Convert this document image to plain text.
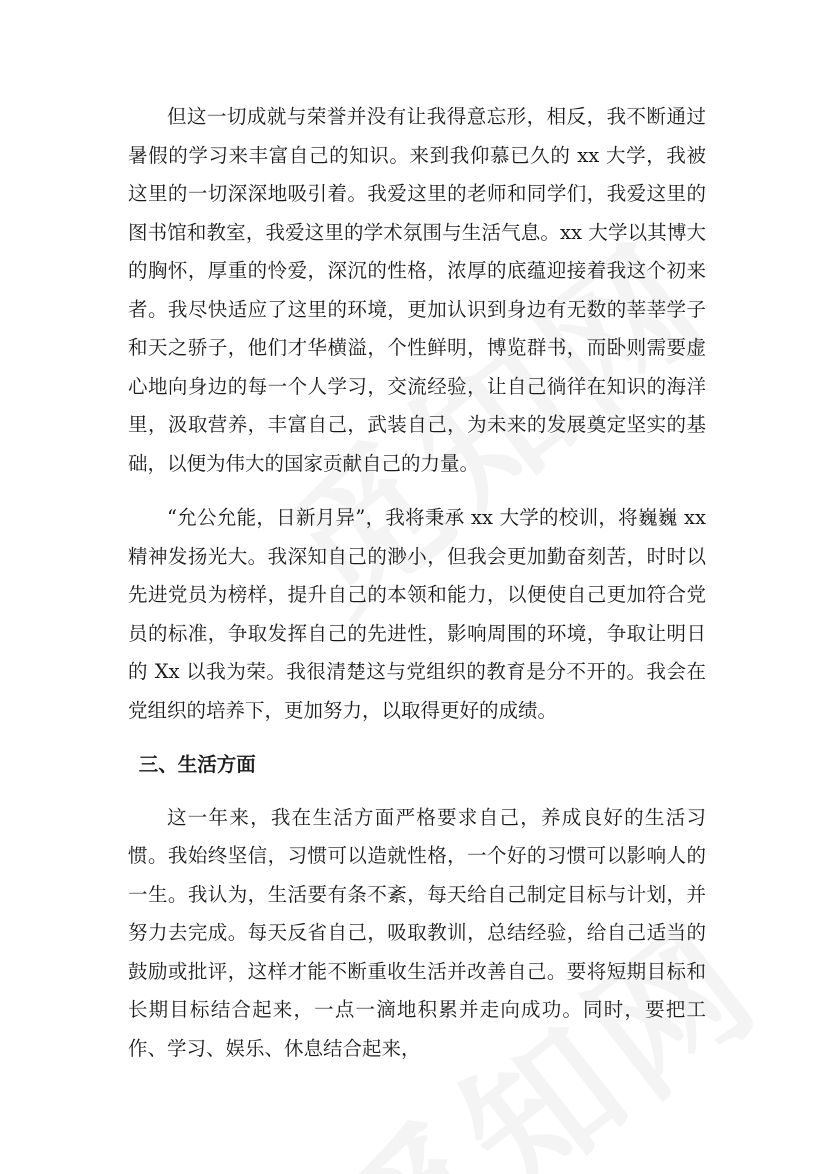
但这一切成就与荣誉并没有让我得意忘形，相反，我不断通过暑假的学习来丰富自己的知识。来到我仰慕已久的 xx 大学，我被这里的一切深深地吸引着。我爱这里的老师和同学们，我爱这里的图书馆和教室，我爱这里的学术氛围与生活气息。xx 大学以其博大的胸怀，厚重的怜爱，深沉的性格，浓厚的底蕴迎接着我这个初来者。我尽快适应了这里的环境，更加认识到身边有无数的莘莘学子和天之骄子，他们才华横溢，个性鲜明，博览群书，而卧则需要虚心地向身边的每一个人学习，交流经验，让自己徜徉在知识的海洋里，汲取营养，丰富自己，武装自己，为未来的发展奠定坚实的基础，以便为伟大的国家贡献自己的力量。

“允公允能，日新月异”，我将秉承 xx 大学的校训，将巍巍 xx 精神发扬光大。我深知自己的渺小，但我会更加勤奋刻苦，时时以先进党员为榜样，提升自己的本领和能力，以便使自己更加符合党员的标准，争取发挥自己的先进性，影响周围的环境，争取让明日的 Xx 以我为荣。我很清楚这与党组织的教育是分不开的。我会在党组织的培养下，更加努力，以取得更好的成绩。

三、生活方面

这一年来，我在生活方面严格要求自己，养成良好的生活习惯。我始终坚信，习惯可以造就性格，一个好的习惯可以影响人的一生。我认为，生活要有条不紊，每天给自己制定目标与计划，并努力去完成。每天反省自己，吸取教训，总结经验，给自己适当的鼓励或批评，这样才能不断重收生活并改善自己。要将短期目标和长期目标结合起来，一点一滴地积累并走向成功。同时，要把工作、学习、娱乐、休息结合起来，
